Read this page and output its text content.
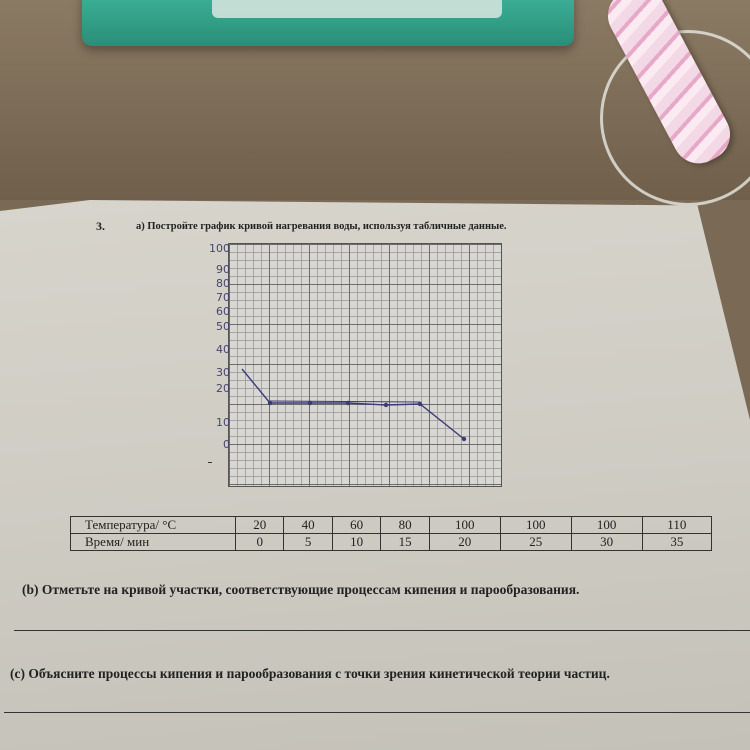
3.	a) Постройте график кривой нагревания воды, используя табличные данные.
100
90
80
70
60
50
40
30
20
10
0
Температура/ °С	20	40	60	80	100	100	100	110
Время/ мин	0	5	10	15	20	25	30	35
(b) Отметьте на кривой участки, соответствующие процессам кипения и парообразования.
(с) Объясните процессы кипения и парообразования с точки зрения кинетической теории частиц.
